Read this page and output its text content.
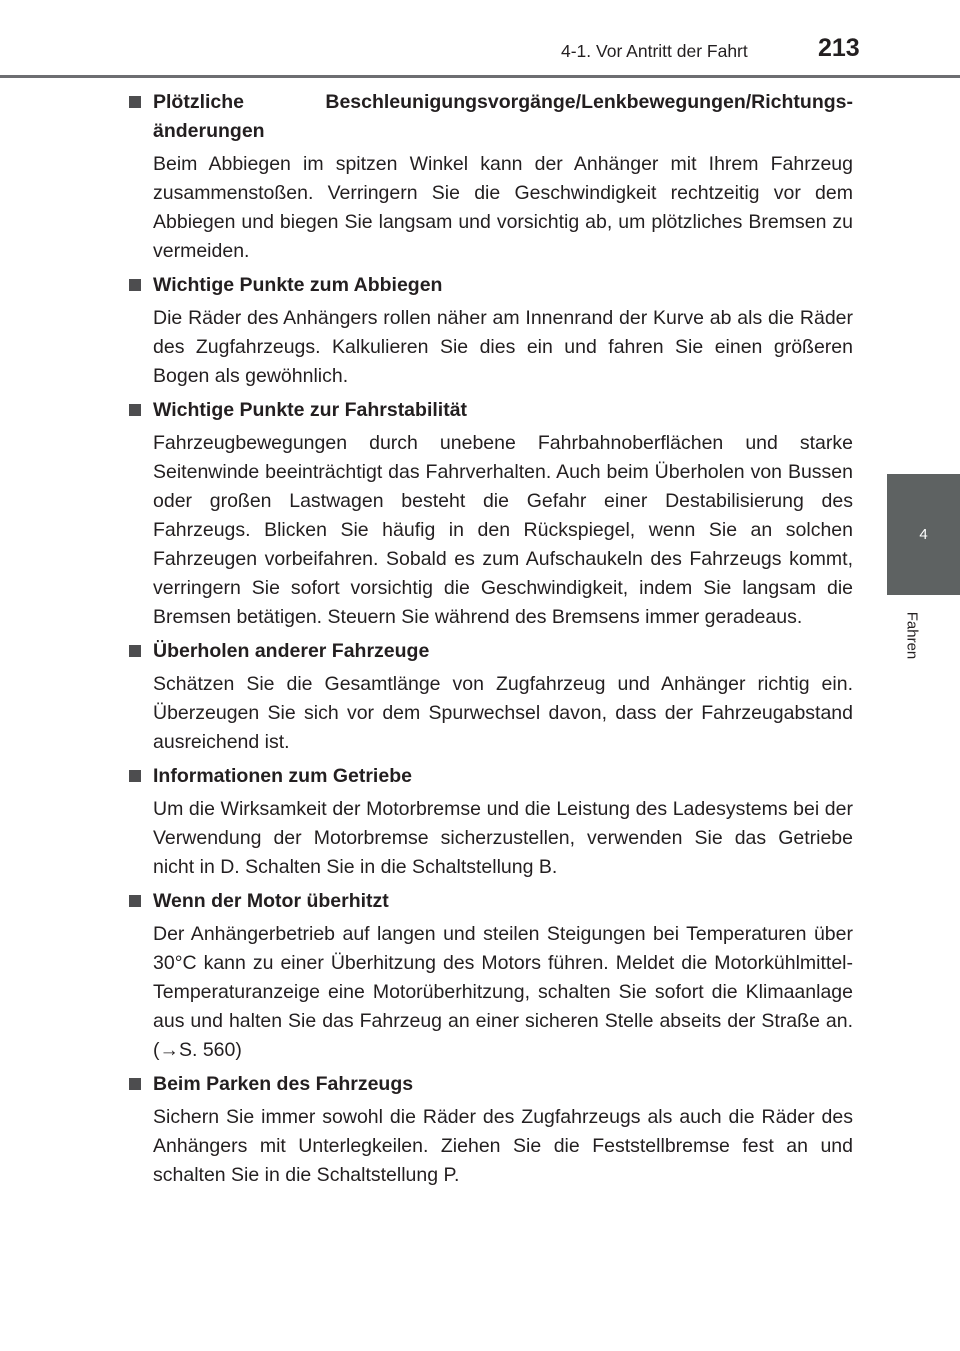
4-1. Vor Antritt der Fahrt	213
4
Fahren
Plötzliche Beschleunigungsvorgänge/Lenkbewegungen/Richtungsänderungen

Beim Abbiegen im spitzen Winkel kann der Anhänger mit Ihrem Fahrzeug zusammenstoßen. Verringern Sie die Geschwindigkeit rechtzeitig vor dem Abbiegen und biegen Sie langsam und vorsichtig ab, um plötzliches Bremsen zu vermeiden.

Wichtige Punkte zum Abbiegen

Die Räder des Anhängers rollen näher am Innenrand der Kurve ab als die Räder des Zugfahrzeugs. Kalkulieren Sie dies ein und fahren Sie einen größeren Bogen als gewöhnlich.

Wichtige Punkte zur Fahrstabilität

Fahrzeugbewegungen durch unebene Fahrbahnoberflächen und starke Seitenwinde beeinträchtigt das Fahrverhalten. Auch beim Überholen von Bussen oder großen Lastwagen besteht die Gefahr einer Destabilisierung des Fahrzeugs. Blicken Sie häufig in den Rückspiegel, wenn Sie an solchen Fahrzeugen vorbeifahren. Sobald es zum Aufschaukeln des Fahrzeugs kommt, verringern Sie sofort vorsichtig die Geschwindigkeit, indem Sie langsam die Bremsen betätigen. Steuern Sie während des Bremsens immer geradeaus.

Überholen anderer Fahrzeuge

Schätzen Sie die Gesamtlänge von Zugfahrzeug und Anhänger richtig ein. Überzeugen Sie sich vor dem Spurwechsel davon, dass der Fahrzeugabstand ausreichend ist.

Informationen zum Getriebe

Um die Wirksamkeit der Motorbremse und die Leistung des Ladesystems bei der Verwendung der Motorbremse sicherzustellen, verwenden Sie das Getriebe nicht in D. Schalten Sie in die Schaltstellung B.

Wenn der Motor überhitzt

Der Anhängerbetrieb auf langen und steilen Steigungen bei Temperaturen über 30°C kann zu einer Überhitzung des Motors führen. Meldet die Motorkühlmittel-Temperaturanzeige eine Motorüberhitzung, schalten Sie sofort die Klimaanlage aus und halten Sie das Fahrzeug an einer sicheren Stelle abseits der Straße an. (→S. 560)

Beim Parken des Fahrzeugs

Sichern Sie immer sowohl die Räder des Zugfahrzeugs als auch die Räder des Anhängers mit Unterlegkeilen. Ziehen Sie die Feststellbremse fest an und schalten Sie in die Schaltstellung P.
